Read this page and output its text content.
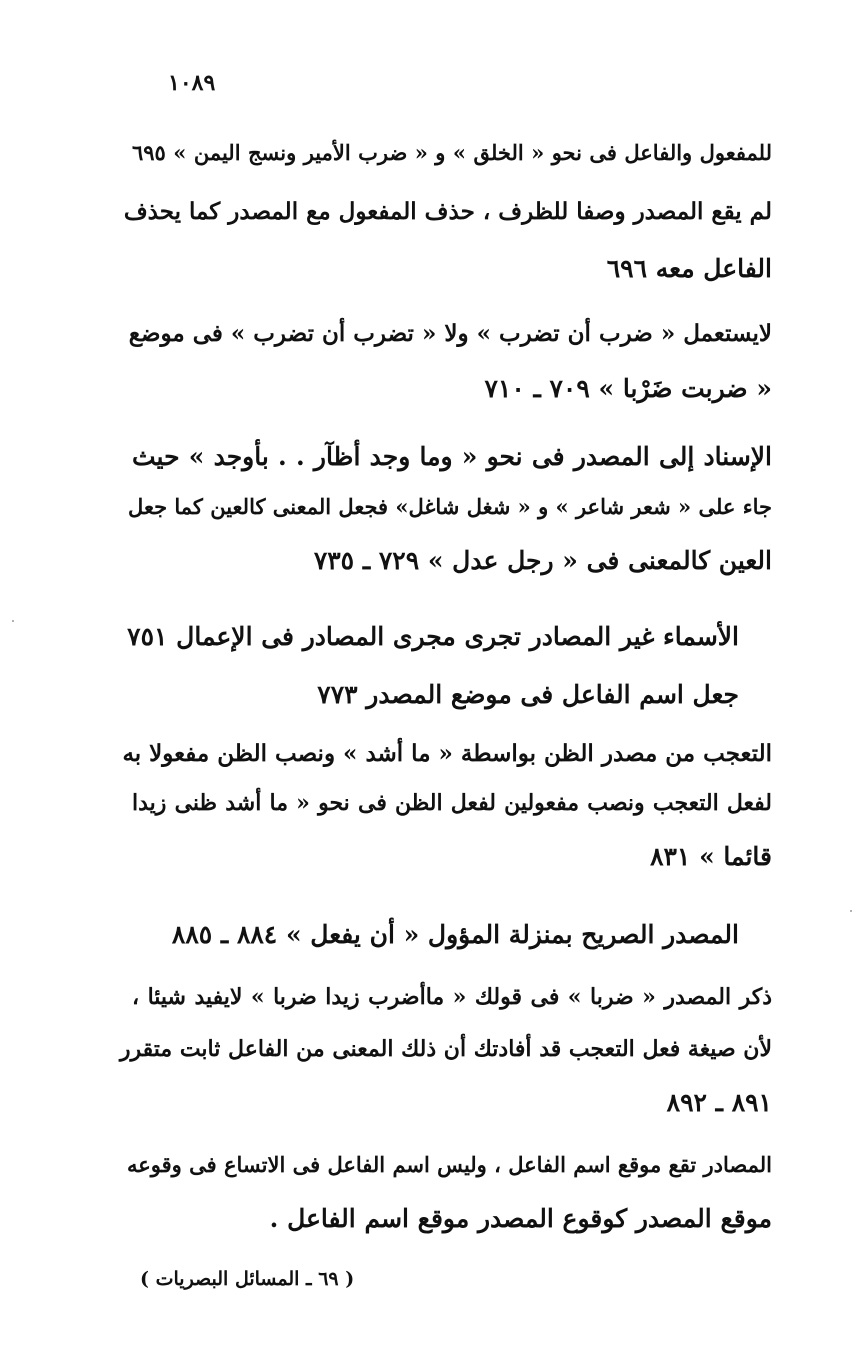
١٠٨٩
للمفعول والفاعل فى نحو « الخلق » و « ضرب الأمير ونسج اليمن » ٦٩٥
لم يقع المصدر وصفا للظرف ، حذف المفعول مع المصدر كما يحذف
الفاعل معه ٦٩٦
لايستعمل « ضرب أن تضرب » ولا « تضرب أن تضرب » فى موضع
« ضربت ضَرْبا » ٧٠٩ ـ ٧١٠
الإسناد إلى المصدر فى نحو « وما وجد أظآر . . بأوجد » حيث
جاء على « شعر شاعر » و « شغل شاغل» فجعل المعنى كالعين كما جعل
العين كالمعنى فى « رجل عدل » ٧٢٩ ـ ٧٣٥
الأسماء غير المصادر تجرى مجرى المصادر فى الإعمال ٧٥١
جعل اسم الفاعل فى موضع المصدر ٧٧٣
التعجب من مصدر الظن بواسطة « ما أشد » ونصب الظن مفعولا به
لفعل التعجب ونصب مفعولين لفعل الظن فى نحو « ما أشد ظنى زيدا
قائما » ٨٣١
المصدر الصريح بمنزلة المؤول « أن يفعل » ٨٨٤ ـ ٨٨٥
ذكر المصدر « ضربا » فى قولك « ماأضرب زيدا ضربا » لايفيد شيئا ،
لأن صيغة فعل التعجب قد أفادتك أن ذلك المعنى من الفاعل ثابت متقرر
٨٩١ ـ ٨٩٢
المصادر تقع موقع اسم الفاعل ، وليس اسم الفاعل فى الاتساع فى وقوعه
موقع المصدر كوقوع المصدر موقع اسم الفاعل .
( ٦٩ ـ المسائل البصريات )
